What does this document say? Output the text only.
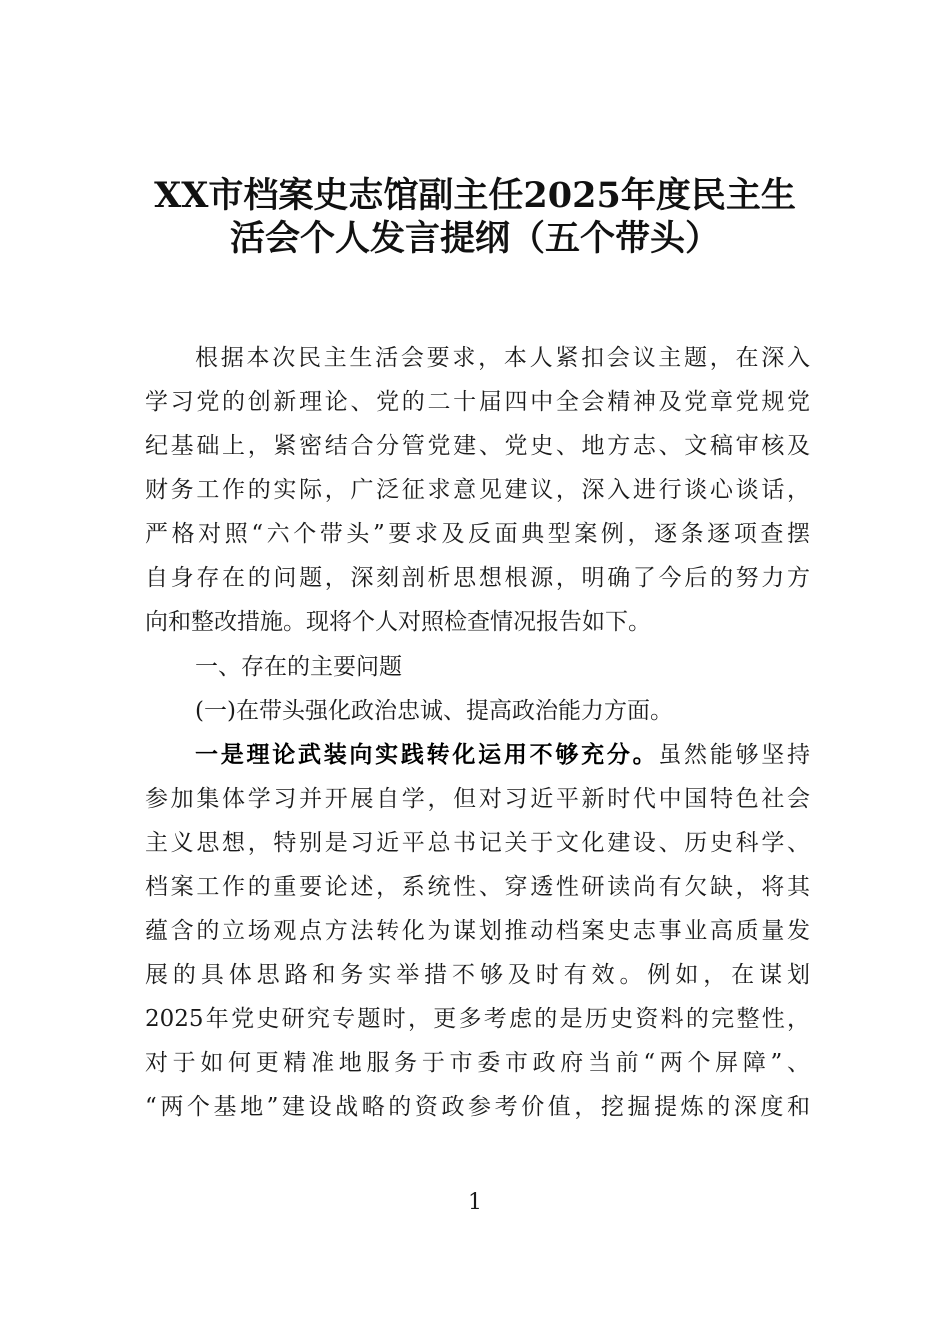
XX市档案史志馆副主任2025年度民主生
活会个人发言提纲（五个带头）
根据本次民主生活会要求，本人紧扣会议主题，在深入
学习党的创新理论、党的二十届四中全会精神及党章党规党
纪基础上，紧密结合分管党建、党史、地方志、文稿审核及
财务工作的实际，广泛征求意见建议，深入进行谈心谈话，
严格对照“六个带头”要求及反面典型案例，逐条逐项查摆
自身存在的问题，深刻剖析思想根源，明确了今后的努力方
向和整改措施。现将个人对照检查情况报告如下。
一、存在的主要问题
(一)在带头强化政治忠诚、提高政治能力方面。
一是理论武装向实践转化运用不够充分。虽然能够坚持
参加集体学习并开展自学，但对习近平新时代中国特色社会
主义思想，特别是习近平总书记关于文化建设、历史科学、
档案工作的重要论述，系统性、穿透性研读尚有欠缺，将其
蕴含的立场观点方法转化为谋划推动档案史志事业高质量发
展的具体思路和务实举措不够及时有效。例如，在谋划
2025年党史研究专题时，更多考虑的是历史资料的完整性，
对于如何更精准地服务于市委市政府当前“两个屏障”、
“两个基地”建设战略的资政参考价值，挖掘提炼的深度和
1
